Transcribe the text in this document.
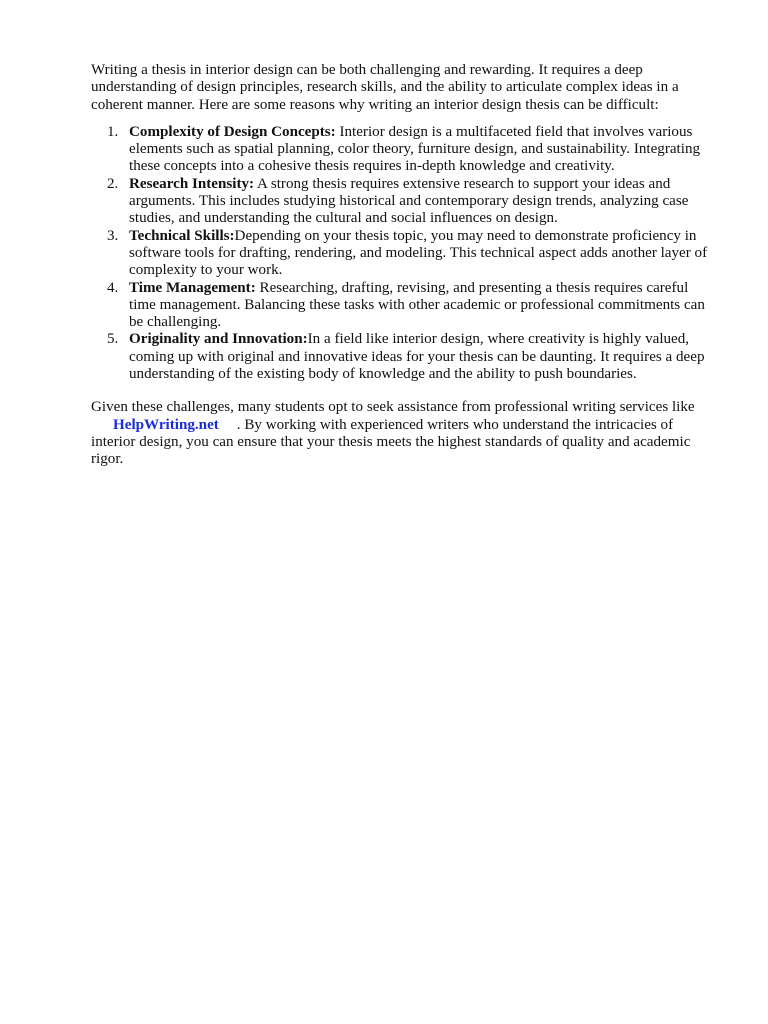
Writing a thesis in interior design can be both challenging and rewarding. It requires a deep understanding of design principles, research skills, and the ability to articulate complex ideas in a coherent manner. Here are some reasons why writing an interior design thesis can be difficult:

1. Complexity of Design Concepts: Interior design is a multifaceted field that involves various elements such as spatial planning, color theory, furniture design, and sustainability. Integrating these concepts into a cohesive thesis requires in-depth knowledge and creativity.
2. Research Intensity: A strong thesis requires extensive research to support your ideas and arguments. This includes studying historical and contemporary design trends, analyzing case studies, and understanding the cultural and social influences on design.
3. Technical Skills:Depending on your thesis topic, you may need to demonstrate proficiency in software tools for drafting, rendering, and modeling. This technical aspect adds another layer of complexity to your work.
4. Time Management: Researching, drafting, revising, and presenting a thesis requires careful time management. Balancing these tasks with other academic or professional commitments can be challenging.
5. Originality and Innovation:In a field like interior design, where creativity is highly valued, coming up with original and innovative ideas for your thesis can be daunting. It requires a deep understanding of the existing body of knowledge and the ability to push boundaries.

Given these challenges, many students opt to seek assistance from professional writing services like HelpWriting.net . By working with experienced writers who understand the intricacies of interior design, you can ensure that your thesis meets the highest standards of quality and academic rigor.
